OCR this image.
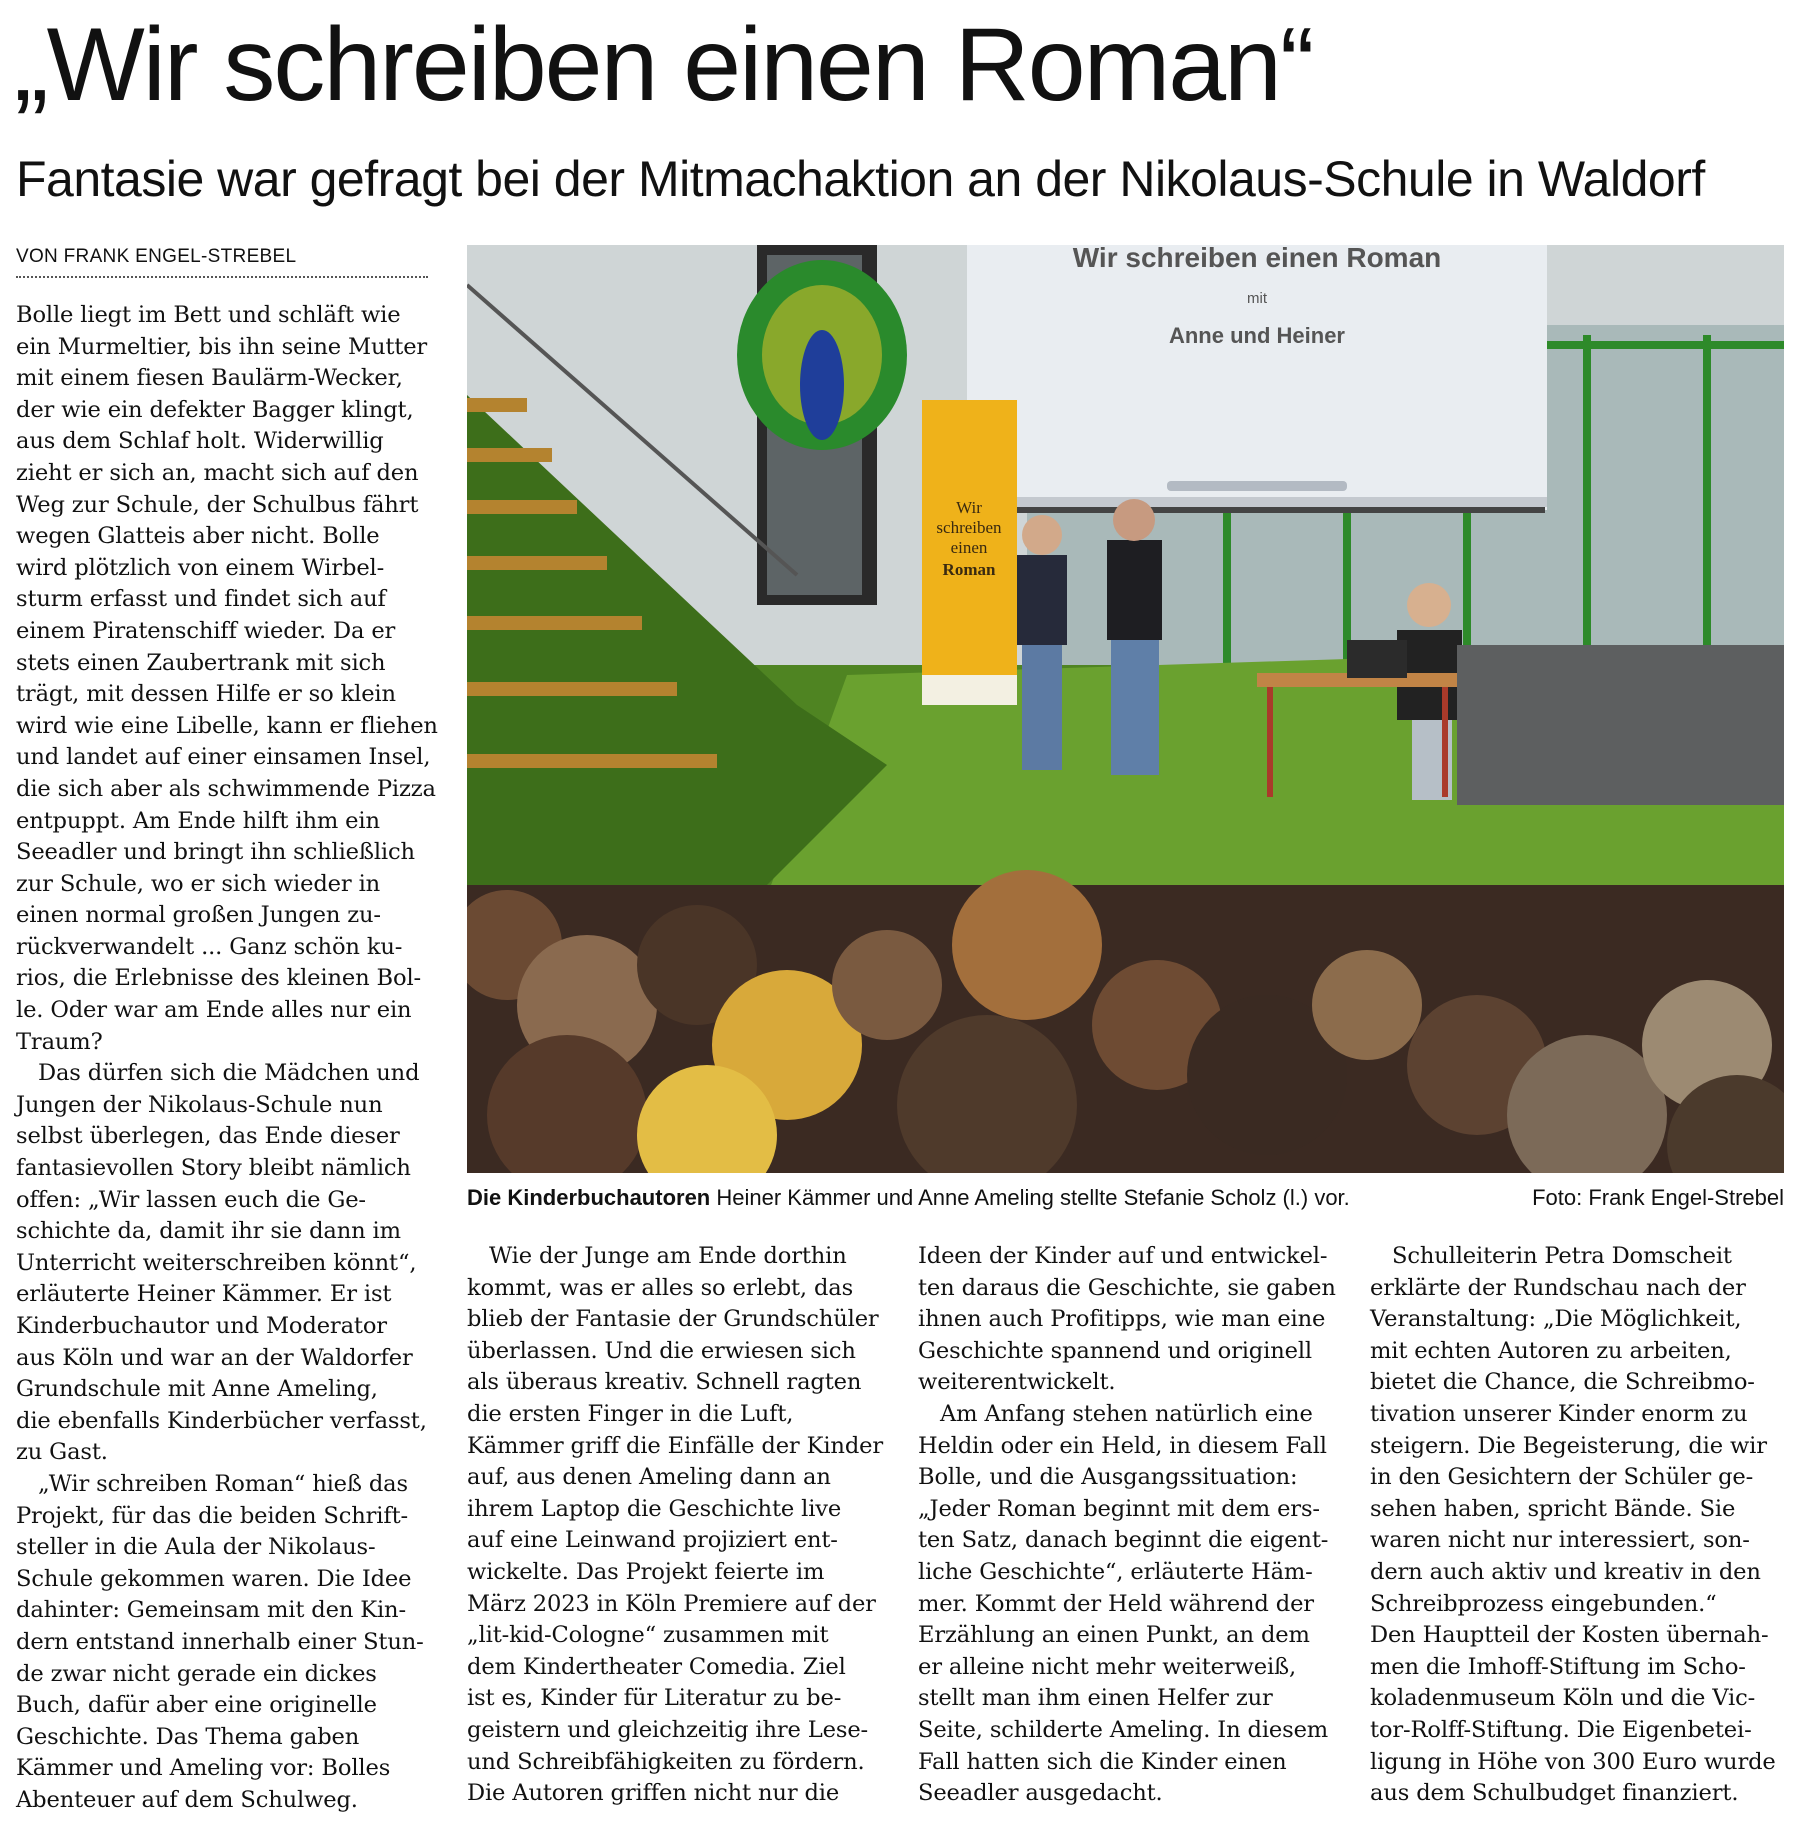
„Wir schreiben einen Roman“
Fantasie war gefragt bei der Mitmachaktion an der Nikolaus-Schule in Waldorf
VON FRANK ENGEL-STREBEL
Bolle liegt im Bett und schläft wie
ein Murmeltier, bis ihn seine Mutter
mit einem fiesen Baulärm-Wecker,
der wie ein defekter Bagger klingt,
aus dem Schlaf holt. Widerwillig
zieht er sich an, macht sich auf den
Weg zur Schule, der Schulbus fährt
wegen Glatteis aber nicht. Bolle
wird plötzlich von einem Wirbel-
sturm erfasst und findet sich auf
einem Piratenschiff wieder. Da er
stets einen Zaubertrank mit sich
trägt, mit dessen Hilfe er so klein
wird wie eine Libelle, kann er fliehen
und landet auf einer einsamen Insel,
die sich aber als schwimmende Pizza
entpuppt. Am Ende hilft ihm ein
Seeadler und bringt ihn schließlich
zur Schule, wo er sich wieder in
einen normal großen Jungen zu-
rückverwandelt ... Ganz schön ku-
rios, die Erlebnisse des kleinen Bol-
le. Oder war am Ende alles nur ein
Traum?
Das dürfen sich die Mädchen und
Jungen der Nikolaus-Schule nun
selbst überlegen, das Ende dieser
fantasievollen Story bleibt nämlich
offen: „Wir lassen euch die Ge-
schichte da, damit ihr sie dann im
Unterricht weiterschreiben könnt“,
erläuterte Heiner Kämmer. Er ist
Kinderbuchautor und Moderator
aus Köln und war an der Waldorfer
Grundschule mit Anne Ameling,
die ebenfalls Kinderbücher verfasst,
zu Gast.
„Wir schreiben Roman“ hieß das
Projekt, für das die beiden Schrift-
steller in die Aula der Nikolaus-
Schule gekommen waren. Die Idee
dahinter: Gemeinsam mit den Kin-
dern entstand innerhalb einer Stun-
de zwar nicht gerade ein dickes
Buch, dafür aber eine originelle
Geschichte. Das Thema gaben
Kämmer und Ameling vor: Bolles
Abenteuer auf dem Schulweg.
Wir schreiben einen Roman
mit
Anne und Heiner
Wir
schreiben
einen
Roman
Die Kinderbuchautoren Heiner Kämmer und Anne Ameling stellte Stefanie Scholz (l.) vor.	Foto: Frank Engel-Strebel
Wie der Junge am Ende dorthin
kommt, was er alles so erlebt, das
blieb der Fantasie der Grundschüler
überlassen. Und die erwiesen sich
als überaus kreativ. Schnell ragten
die ersten Finger in die Luft,
Kämmer griff die Einfälle der Kinder
auf, aus denen Ameling dann an
ihrem Laptop die Geschichte live
auf eine Leinwand projiziert ent-
wickelte. Das Projekt feierte im
März 2023 in Köln Premiere auf der
„lit-kid-Cologne“ zusammen mit
dem Kindertheater Comedia. Ziel
ist es, Kinder für Literatur zu be-
geistern und gleichzeitig ihre Lese-
und Schreibfähigkeiten zu fördern.
Die Autoren griffen nicht nur die
Ideen der Kinder auf und entwickel-
ten daraus die Geschichte, sie gaben
ihnen auch Profitipps, wie man eine
Geschichte spannend und originell
weiterentwickelt.
Am Anfang stehen natürlich eine
Heldin oder ein Held, in diesem Fall
Bolle, und die Ausgangssituation:
„Jeder Roman beginnt mit dem ers-
ten Satz, danach beginnt die eigent-
liche Geschichte“, erläuterte Häm-
mer. Kommt der Held während der
Erzählung an einen Punkt, an dem
er alleine nicht mehr weiterweiß,
stellt man ihm einen Helfer zur
Seite, schilderte Ameling. In diesem
Fall hatten sich die Kinder einen
Seeadler ausgedacht.
Schulleiterin Petra Domscheit
erklärte der Rundschau nach der
Veranstaltung: „Die Möglichkeit,
mit echten Autoren zu arbeiten,
bietet die Chance, die Schreibmo-
tivation unserer Kinder enorm zu
steigern. Die Begeisterung, die wir
in den Gesichtern der Schüler ge-
sehen haben, spricht Bände. Sie
waren nicht nur interessiert, son-
dern auch aktiv und kreativ in den
Schreibprozess eingebunden.“
Den Hauptteil der Kosten übernah-
men die Imhoff-Stiftung im Scho-
koladenmuseum Köln und die Vic-
tor-Rolff-Stiftung. Die Eigenbetei-
ligung in Höhe von 300 Euro wurde
aus dem Schulbudget finanziert.
